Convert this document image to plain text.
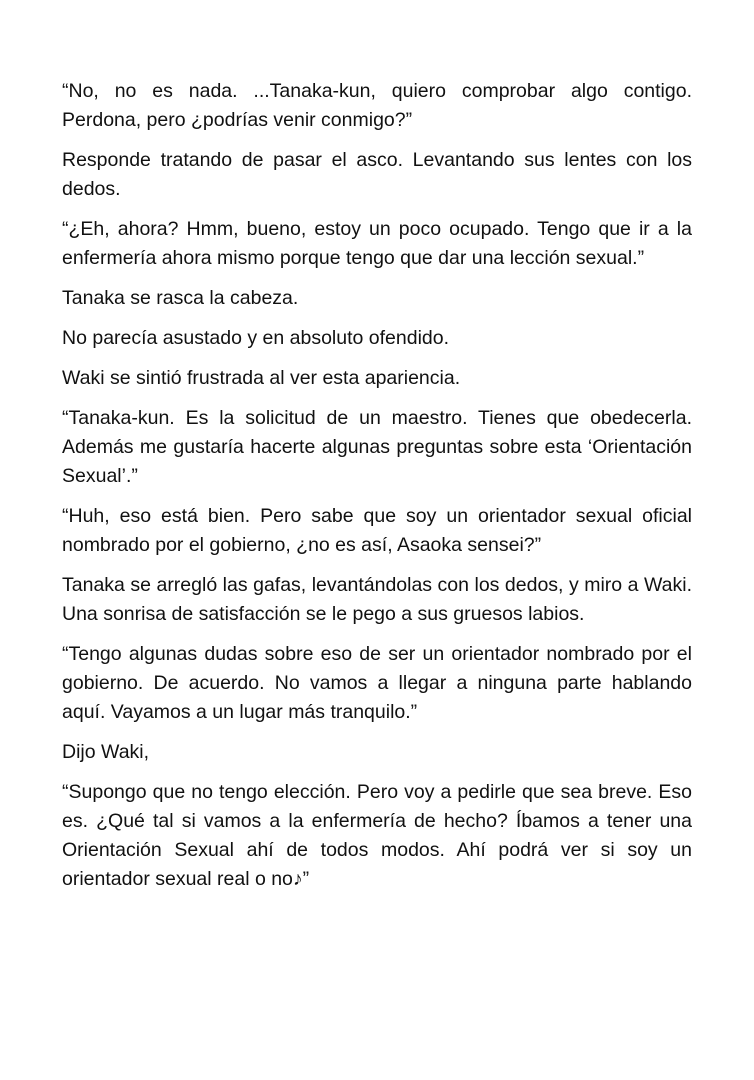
“No, no es nada. ...Tanaka-kun, quiero comprobar algo contigo. Perdona, pero ¿podrías venir conmigo?”

Responde tratando de pasar el asco. Levantando sus lentes con los dedos.

“¿Eh, ahora? Hmm, bueno, estoy un poco ocupado. Tengo que ir a la enfermería ahora mismo porque tengo que dar una lección sexual.”

Tanaka se rasca la cabeza.

No parecía asustado y en absoluto ofendido.

Waki se sintió frustrada al ver esta apariencia.

“Tanaka-kun. Es la solicitud de un maestro. Tienes que obedecerla. Además me gustaría hacerte algunas preguntas sobre esta ‘Orientación Sexual’.”

“Huh, eso está bien. Pero sabe que soy un orientador sexual oficial nombrado por el gobierno, ¿no es así, Asaoka sensei?”

Tanaka se arregló las gafas, levantándolas con los dedos, y miro a Waki. Una sonrisa de satisfacción se le pego a sus gruesos labios.

“Tengo algunas dudas sobre eso de ser un orientador nombrado por el gobierno. De acuerdo. No vamos a llegar a ninguna parte hablando aquí. Vayamos a un lugar más tranquilo.”

Dijo Waki,

“Supongo que no tengo elección. Pero voy a pedirle que sea breve. Eso es. ¿Qué tal si vamos a la enfermería de hecho? Íbamos a tener una Orientación Sexual ahí de todos modos. Ahí podrá ver si soy un orientador sexual real o no♪”
